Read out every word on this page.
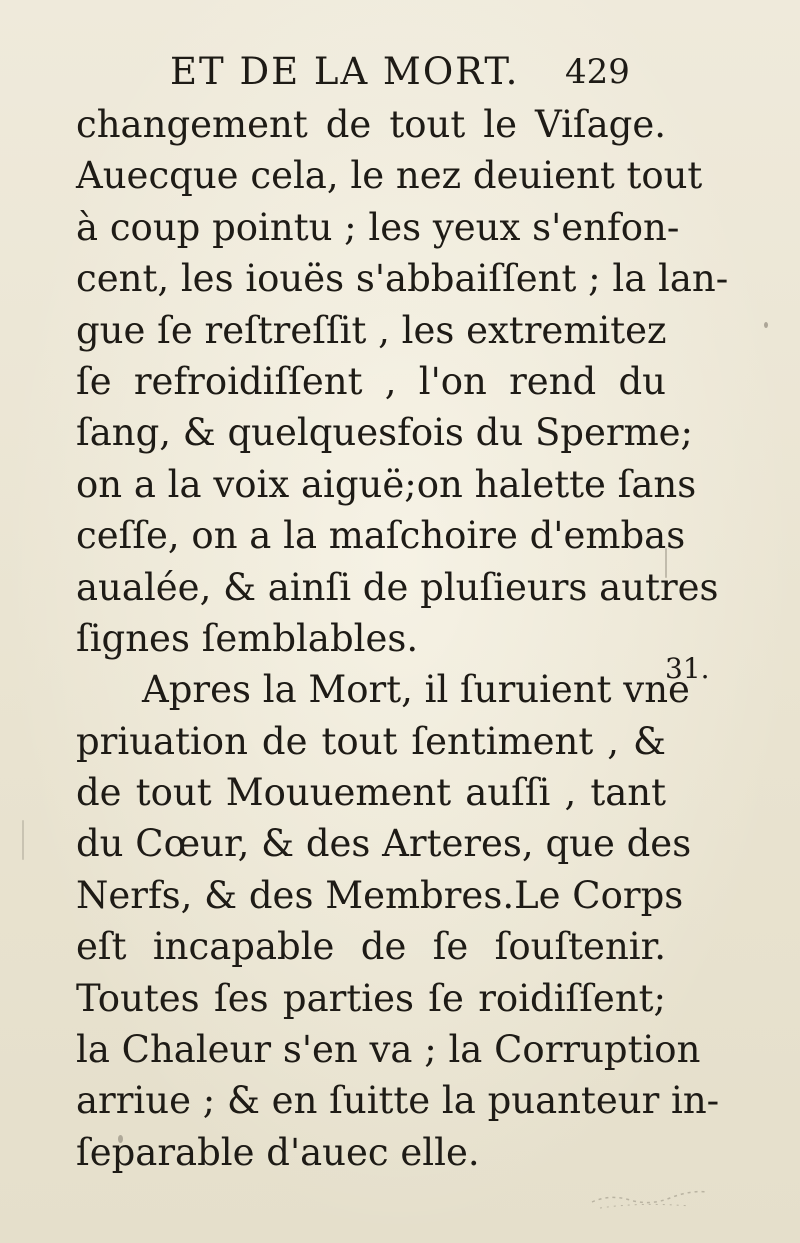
ET DE LA MORT. 429
changement de tout le Viſage.
Auecque cela, le nez deuient tout
à coup pointu ; les yeux s'enfon-
cent, les iouës s'abbaiſſent ; la lan-
gue ſe reſtreſſit , les extremitez
ſe refroidiſſent , l'on rend du
ſang, & quelquesfois du Sperme;
on a la voix aiguë;on halette ſans
ceſſe, on a la maſchoire d'embas
aualée, & ainſi de pluſieurs autres
ſignes ſemblables.
Apres la Mort, il ſuruient vne
priuation de tout ſentiment , &
de tout Mouuement auſſi , tant
du Cœur, & des Arteres, que des
Nerfs, & des Membres.Le Corps
eſt incapable de ſe ſouſtenir.
Toutes ſes parties ſe roidiſſent;
la Chaleur s'en va ; la Corruption
arriue ; & en ſuitte la puanteur in-
ſeparable d'auec elle.
31.
